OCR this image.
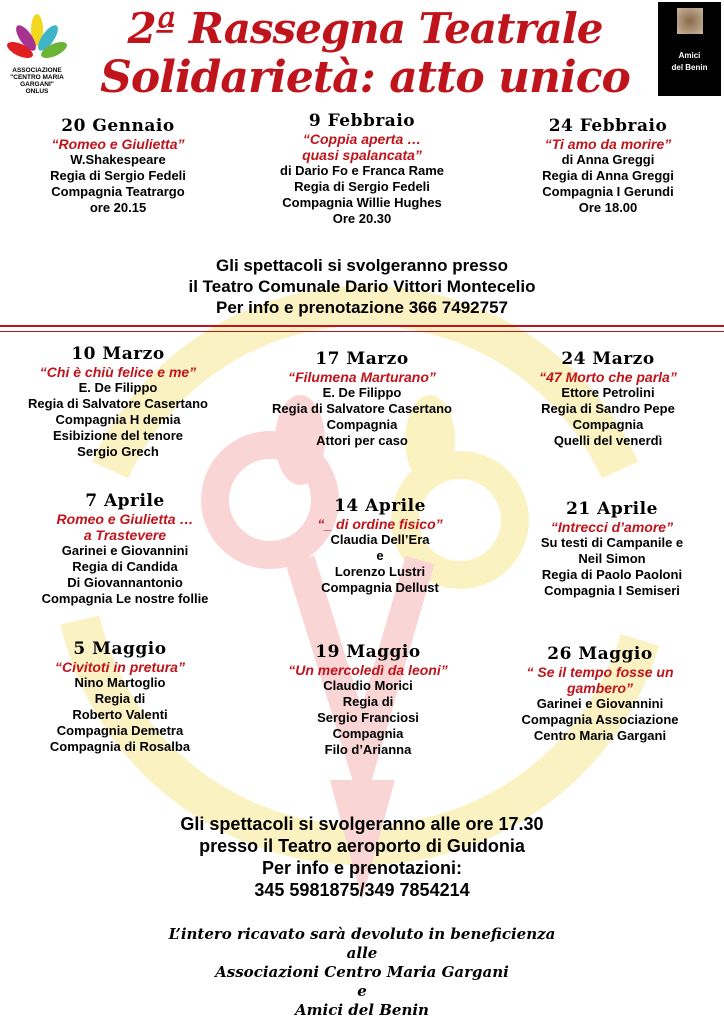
ASSOCIAZIONE
"CENTRO MARIA
GARGANI"
ONLUS
2ª Rassegna Teatrale
Solidarietà: atto unico	Amici
del Benin
20 Gennaio
“Romeo e Giulietta”
W.Shakespeare
Regia di Sergio Fedeli
Compagnia Teatrargo
ore 20.15
9 Febbraio
“Coppia aperta …
quasi spalancata”
di Dario Fo e Franca Rame
Regia di Sergio Fedeli
Compagnia Willie Hughes
Ore 20.30
24 Febbraio
“Ti amo da morire”
di Anna Greggi
Regia di Anna Greggi
Compagnia I Gerundi
Ore 18.00
10 Marzo
“Chi è chiù felice e me”
E. De Filippo
Regia di Salvatore Casertano
Compagnia H demia
Esibizione del tenore
Sergio Grech
17 Marzo
“Filumena Marturano”
E. De Filippo
Regia di Salvatore Casertano
Compagnia
Attori per caso
24 Marzo
“47 Morto che parla”
Ettore Petrolini
Regia di Sandro Pepe
Compagnia
Quelli del venerdì
7 Aprile
Romeo e Giulietta …
a Trastevere
Garinei e Giovannini
Regia di Candida
Di Giovannantonio
Compagnia Le nostre follie
14 Aprile
“_ di ordine fisico”
Claudia Dell’Era
e
Lorenzo Lustri
Compagnia Dellust
21 Aprile
“Intrecci d’amore”
Su testi di Campanile e
Neil Simon
Regia di Paolo Paoloni
Compagnia I Semiseri
5 Maggio
“Civitoti in pretura”
Nino Martoglio
Regia di
Roberto Valenti
Compagnia Demetra
Compagnia di Rosalba
19 Maggio
“Un mercoledì da leoni”
Claudio Morici
Regia di
Sergio Franciosi
Compagnia
Filo d’Arianna
26 Maggio
“ Se il tempo fosse un
gambero”
Garinei e Giovannini
Compagnia Associazione
Centro Maria Gargani
Gli spettacoli si svolgeranno presso
il Teatro Comunale Dario Vittori Montecelio
Per info e prenotazione 366 7492757
Gli spettacoli si svolgeranno alle ore 17.30
presso il Teatro aeroporto di Guidonia
Per info e prenotazioni:
345 5981875/349 7854214
L’intero ricavato sarà devoluto in beneficienza
alle
Associazioni Centro Maria Gargani
e
Amici del Benin
